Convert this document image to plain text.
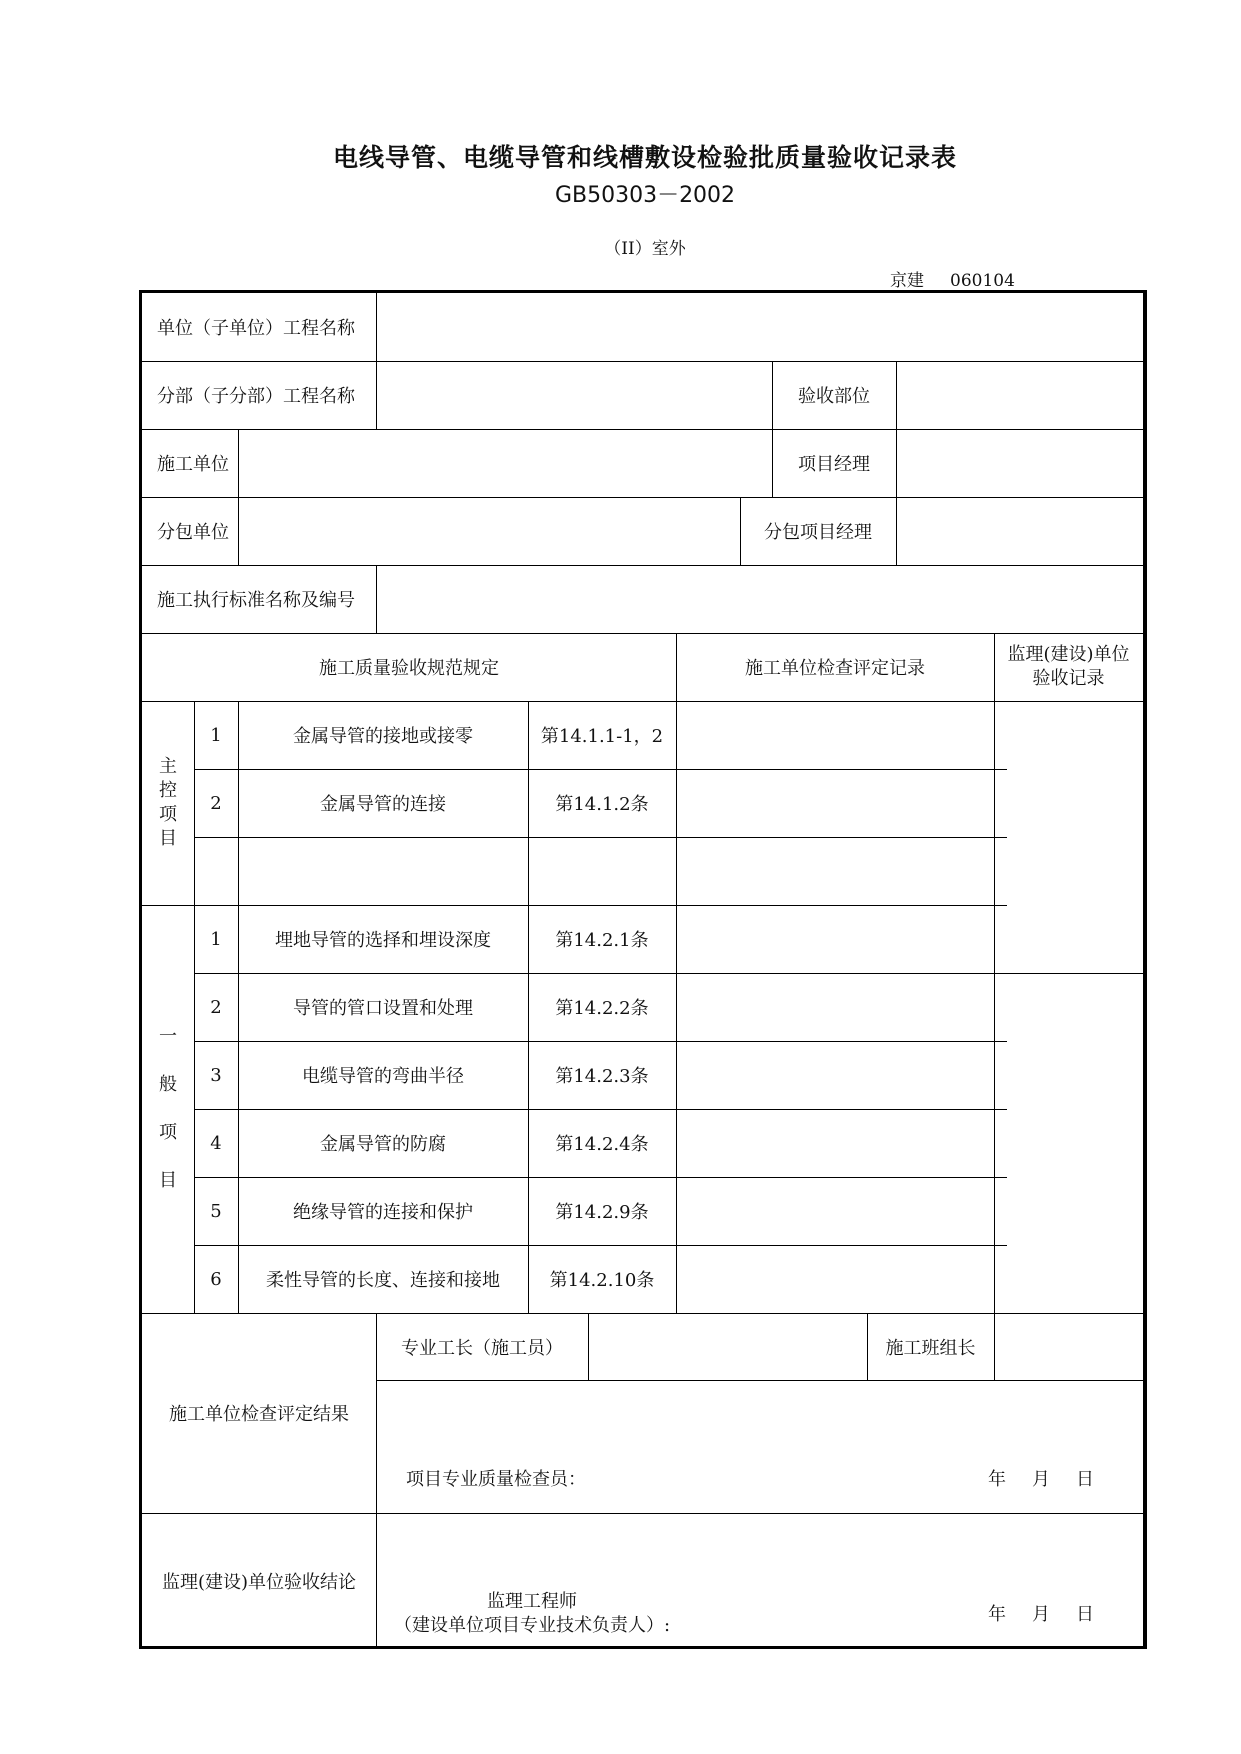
电线导管、电缆导管和线槽敷设检验批质量验收记录表
GB50303－2002
（II）室外
京建 060104
单位（子单位）工程名称
分部（子分部）工程名称	验收部位
施工单位	项目经理
分包单位	分包项目经理
施工执行标准名称及编号
施工质量验收规范规定	施工单位检查评定记录
监理(建设)单位
验收记录
主
控
项
目
1	金属导管的接地或接零	第14.1.1-1，2
2	金属导管的连接	第14.1.2条
一
般
项
目
1	埋地导管的选择和埋设深度	第14.2.1条
2	导管的管口设置和处理	第14.2.2条
3	电缆导管的弯曲半径	第14.2.3条
4	金属导管的防腐	第14.2.4条
5	绝缘导管的连接和保护	第14.2.9条
6	柔性导管的长度、连接和接地	第14.2.10条
施工单位检查评定结果
专业工长（施工员）	施工班组长
项目专业质量检查员：	年 月 日
监理(建设)单位验收结论
监理工程师
（建设单位项目专业技术负责人）:
年 月 日
